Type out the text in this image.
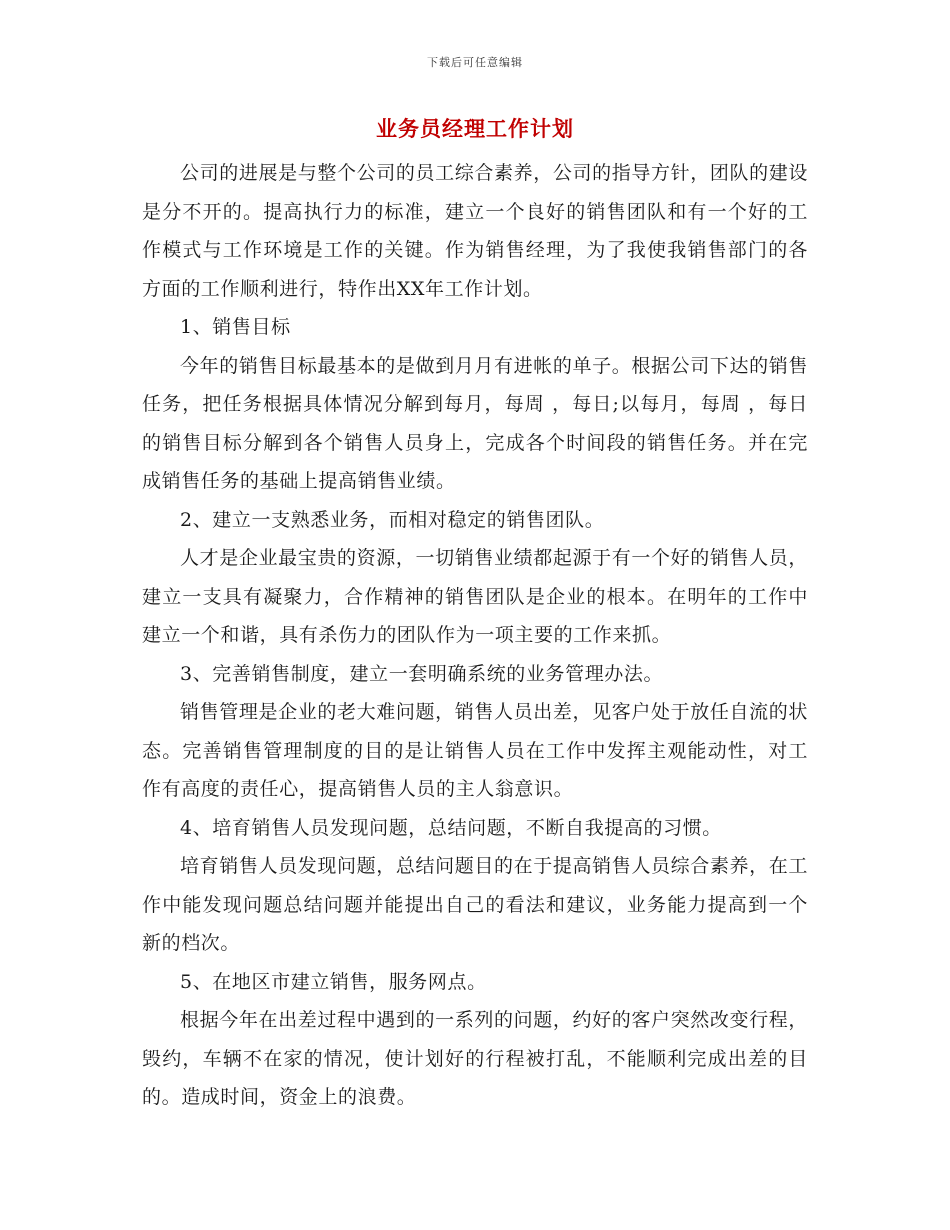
下载后可任意编辑
业务员经理工作计划

公司的进展是与整个公司的员工综合素养，公司的指导方针，团队的建设是分不开的。提高执行力的标准，建立一个良好的销售团队和有一个好的工作模式与工作环境是工作的关键。作为销售经理，为了我使我销售部门的各方面的工作顺利进行，特作出XX年工作计划。

1、销售目标

今年的销售目标最基本的是做到月月有进帐的单子。根据公司下达的销售任务，把任务根据具体情况分解到每月，每周 ，每日;以每月，每周 ，每日的销售目标分解到各个销售人员身上，完成各个时间段的销售任务。并在完成销售任务的基础上提高销售业绩。

2、建立一支熟悉业务，而相对稳定的销售团队。

人才是企业最宝贵的资源，一切销售业绩都起源于有一个好的销售人员，建立一支具有凝聚力，合作精神的销售团队是企业的根本。在明年的工作中建立一个和谐，具有杀伤力的团队作为一项主要的工作来抓。

3、完善销售制度，建立一套明确系统的业务管理办法。

销售管理是企业的老大难问题，销售人员出差，见客户处于放任自流的状态。完善销售管理制度的目的是让销售人员在工作中发挥主观能动性，对工作有高度的责任心，提高销售人员的主人翁意识。

4、培育销售人员发现问题，总结问题，不断自我提高的习惯。

培育销售人员发现问题，总结问题目的在于提高销售人员综合素养，在工作中能发现问题总结问题并能提出自己的看法和建议，业务能力提高到一个新的档次。

5、在地区市建立销售，服务网点。

根据今年在出差过程中遇到的一系列的问题，约好的客户突然改变行程，毁约，车辆不在家的情况，使计划好的行程被打乱，不能顺利完成出差的目的。造成时间，资金上的浪费。
